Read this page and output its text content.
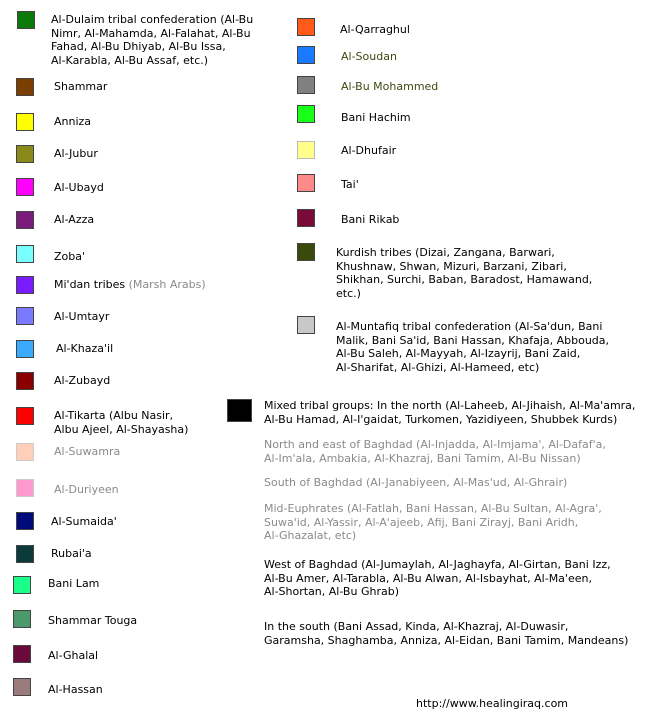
Al-Dulaim tribal confederation (Al-Bu
Nimr, Al-Mahamda, Al-Falahat, Al-Bu
Fahad, Al-Bu Dhiyab, Al-Bu Issa,
Al-Karabla, Al-Bu Assaf, etc.)
Shammar
Anniza
Al-Jubur
Al-Ubayd
Al-Azza
Zoba'
Mi'dan tribes (Marsh Arabs)
Al-Umtayr
Al-Khaza'il
Al-Zubayd
Al-Tikarta (Albu Nasir,
Albu Ajeel, Al-Shayasha)
Al-Suwamra
Al-Duriyeen
Al-Sumaida'
Rubai'a
Bani Lam
Shammar Touga
Al-Ghalal
Al-Hassan
Al-Qarraghul
Al-Soudan
Al-Bu Mohammed
Bani Hachim
Al-Dhufair
Tai'
Bani Rikab
Kurdish tribes (Dizai, Zangana, Barwari,
Khushnaw, Shwan, Mizuri, Barzani, Zibari,
Shikhan, Surchi, Baban, Baradost, Hamawand,
etc.)
Al-Muntafiq tribal confederation (Al-Sa'dun, Bani
Malik, Bani Sa'id, Bani Hassan, Khafaja, Abbouda,
Al-Bu Saleh, Al-Mayyah, Al-Izayrij, Bani Zaid,
Al-Sharifat, Al-Ghizi, Al-Hameed, etc)
Mixed tribal groups: In the north (Al-Laheeb, Al-Jihaish, Al-Ma'amra,
Al-Bu Hamad, Al-I'gaidat, Turkomen, Yazidiyeen, Shubbek Kurds)
North and east of Baghdad (Al-Injadda, Al-Imjama', Al-Dafaf'a,
Al-Im'ala, Ambakia, Al-Khazraj, Bani Tamim, Al-Bu Nissan)
South of Baghdad (Al-Janabiyeen, Al-Mas'ud, Al-Ghrair)
Mid-Euphrates (Al-Fatlah, Bani Hassan, Al-Bu Sultan, Al-Agra',
Suwa'id, Al-Yassir, Al-A'ajeeb, Afij, Bani Zirayj, Bani Aridh,
Al-Ghazalat, etc)
West of Baghdad (Al-Jumaylah, Al-Jaghayfa, Al-Girtan, Bani Izz,
Al-Bu Amer, Al-Tarabla, Al-Bu Alwan, Al-Isbayhat, Al-Ma'een,
Al-Shortan, Al-Bu Ghrab)
In the south (Bani Assad, Kinda, Al-Khazraj, Al-Duwasir,
Garamsha, Shaghamba, Anniza, Al-Eidan, Bani Tamim, Mandeans)
http://www.healingiraq.com
